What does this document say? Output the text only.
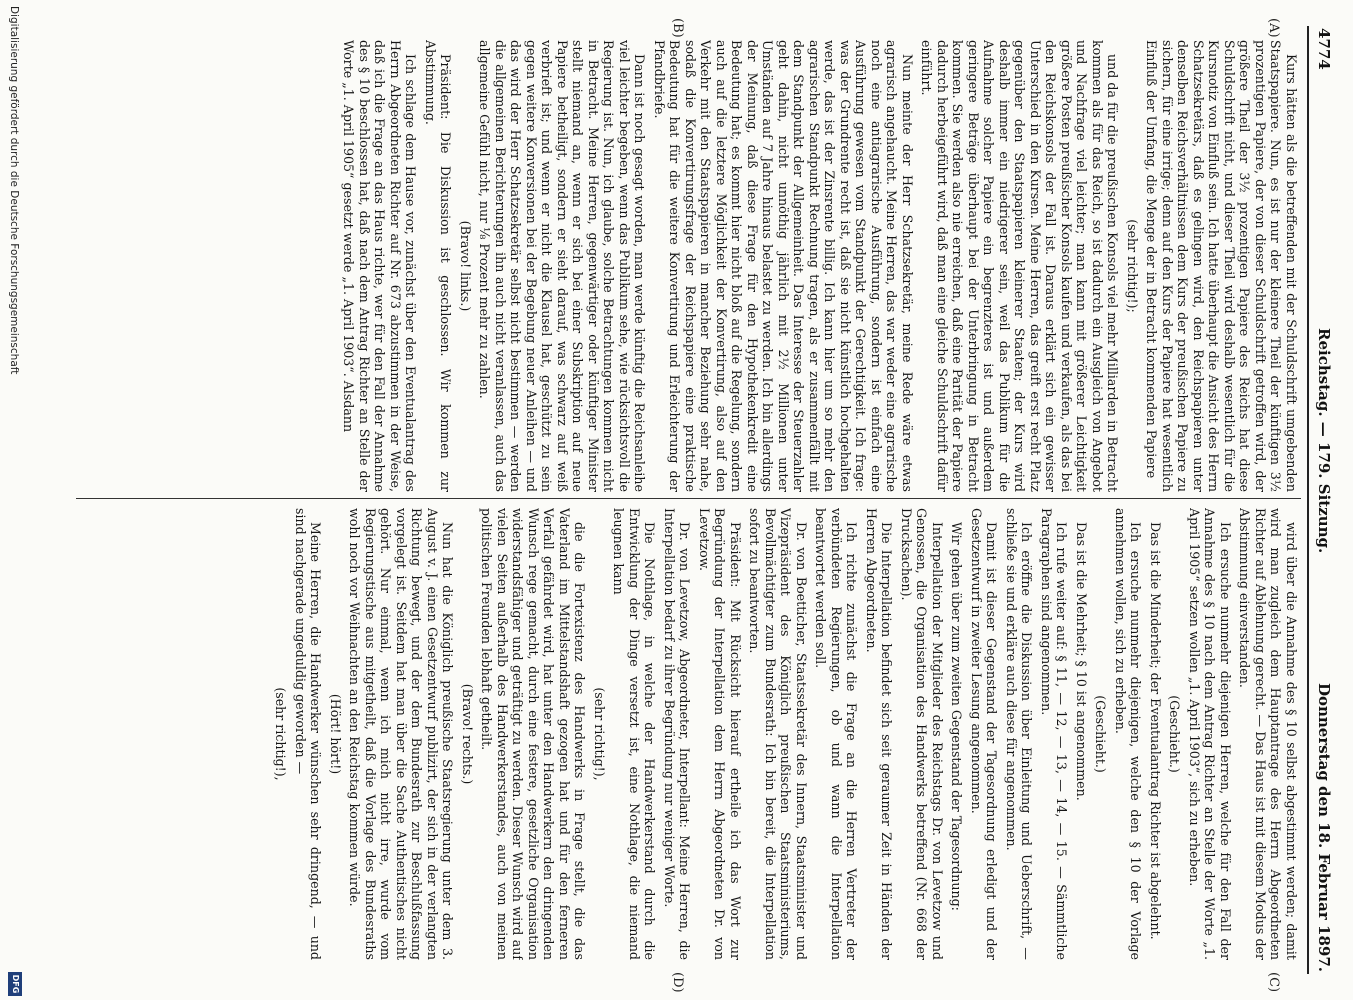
4774
Reichstag. — 179. Sitzung.
Donnerstag den 18. Februar 1897.
(A)
(B)
(C)
(D)

Kurs hätten als die betreffenden mit der Schuldschrift umgebenden Staatspapiere. Nun, es ist nur der kleinere Theil der künftigen 3½ prozentigen Papiere, der von dieser Schuldschrift getroffen wird, der größere Theil der 3½ prozentigen Papiere des Reichs hat diese Schuldschrift nicht, und dieser Theil wird deshalb wesentlich für die Kursnotiz von Einfluß sein. Ich hatte überhaupt die Ansicht des Herrn Schatzsekretärs, daß es gelingen wird, den Reichspapieren unter denselben Reichsverhältnissen dem Kurs der preußischen Papiere zu sichern, für eine irrige; denn auf den Kurs der Papiere hat wesentlich Einfluß der Umfang, die Menge der in Betracht kommenden Papiere

(sehr richtig!);

und da für die preußischen Konsols viel mehr Milliarden in Betracht kommen als für das Reich, so ist dadurch ein Ausgleich von Angebot und Nachfrage viel leichter; man kann mit größerer Leichtigkeit größere Posten preußischer Konsols kaufen und verkaufen, als das bei den Reichskonsols der Fall ist. Daraus erklärt sich ein gewisser Unterschied in den Kursen. Meine Herren, das greift erst recht Platz gegenüber den Staatspapieren kleinerer Staaten; der Kurs wird deshalb immer ein niedrigerer sein, weil das Publikum für die Aufnahme solcher Papiere ein begrenzteres ist und außerdem geringere Beträge überhaupt bei der Unterbringung in Betracht kommen. Sie werden also nie erreichen, daß eine Parität der Papiere dadurch herbeigeführt wird, daß man eine gleiche Schuldschrift dafür einführt.

Nun meinte der Herr Schatzsekretär, meine Rede wäre etwas agrarisch angehaucht. Meine Herren, das war weder eine agrarische noch eine antiagrarische Ausführung, sondern ist einfach eine Ausführung gewesen vom Standpunkt der Gerechtigkeit. Ich frage: was der Grundrente recht ist, daß sie nicht künstlich hochgehalten werde, das ist der Zinsrente billig. Ich kann hier um so mehr den agrarischen Standpunkt Rechnung tragen, als er zusammenfällt mit dem Standpunkt der Allgemeinheit. Das Interesse der Steuerzahler geht dahin, nicht unnöthig jährlich mit 2½ Millionen unter Umständen auf 7 Jahre hinaus belastet zu werden. Ich bin allerdings der Meinung, daß diese Frage für den Hypothekenkredit eine Bedeutung hat; es kommt hier nicht bloß auf die Regelung, sondern auch auf die letztere Möglichkeit der Konvertirung, also auf den Verkehr mit den Staatspapieren in mancher Beziehung sehr nahe, sodaß die Konvertirungsfrage der Reichspapiere eine praktische Bedeutung hat für die weitere Konvertirung und Erleichterung der Pfandbriefe.

Dann ist noch gesagt worden, man werde künftig die Reichsanleihe viel leichter begeben, wenn das Publikum sehe, wie rücksichtsvoll die Regierung ist. Nun, ich glaube, solche Betrachtungen kommen nicht in Betracht. Meine Herren, gegenwärtiger oder künftiger Minister stellt niemand an, wenn er sich bei einer Subskription auf neue Papiere betheiligt, sondern er sieht darauf, was schwarz auf weiß verbrieft ist; und wenn er nicht die Klausel hat, geschützt zu sein gegen weitere Konversionen bei der Begebung neuer Anleihen — und das wird der Herr Schatzsekretär selbst nicht bestimmen — werden die allgemeinen Berichterungen ihn auch nicht veranlassen, auch das allgemeine Gefühl nicht, nur ⅛ Prozent mehr zu zahlen.

(Bravo! links.)

Präsident: Die Diskussion ist geschlossen. Wir kommen zur Abstimmung.

Ich schlage dem Hause vor, zunächst über den Eventualantrag des Herrn Abgeordneten Richter auf Nr. 673 abzustimmen in der Weise, daß ich die Frage an das Haus richte, wer für den Fall der Annahme des § 10 beschlossen hat, daß nach dem Antrag Richter an Stelle der Worte „1. April 1905“ gesetzt werde „1. April 1903“. Alsdann

wird über die Annahme des § 10 selbst abgestimmt werden; damit wird man zugleich dem Hauptantrage des Herrn Abgeordneten Richter auf Ablehnung gerecht. — Das Haus ist mit diesem Modus der Abstimmung einverstanden.

Ich ersuche nunmehr diejenigen Herren, welche für den Fall der Annahme des § 10 nach dem Antrag Richter an Stelle der Worte „1. April 1905“ setzen wollen „1. April 1903“, sich zu erheben.

(Geschieht.)

Das ist die Minderheit; der Eventualantrag Richter ist abgelehnt.

Ich ersuche nunmehr diejenigen, welche den § 10 der Vorlage annehmen wollen, sich zu erheben.

(Geschieht.)

Das ist die Mehrheit; § 10 ist angenommen.

Ich rufe weiter auf: § 11, — 12, — 13, — 14, — 15. — Sämmtliche Paragraphen sind angenommen.

Ich eröffne die Diskussion über Einleitung und Ueberschrift, — schließe sie und erkläre auch diese für angenommen.

Damit ist dieser Gegenstand der Tagesordnung erledigt und der Gesetzentwurf in zweiter Lesung angenommen.

Wir gehen über zum zweiten Gegenstand der Tagesordnung:

Interpellation der Mitglieder des Reichstags Dr. von Levetzow und Genossen, die Organisation des Handwerks betreffend (Nr. 668 der Drucksachen).

Die Interpellation befindet sich seit geraumer Zeit in Händen der Herren Abgeordneten.

Ich richte zunächst die Frage an die Herren Vertreter der verbündeten Regierungen, ob und wann die Interpellation beantwortet werden soll.

Dr. von Boetticher, Staatssekretär des Innern, Staatsminister und Vizepräsident des Königlich preußischen Staatsministeriums, Bevollmächtigter zum Bundesrath: Ich bin bereit, die Interpellation sofort zu beantworten.

Präsident: Mit Rücksicht hierauf ertheile ich das Wort zur Begründung der Interpellation dem Herrn Abgeordneten Dr. von Levetzow.

Dr. von Levetzow, Abgeordneter, Interpellant: Meine Herren, die Interpellation bedarf zu ihrer Begründung nur weniger Worte.

Die Nothlage, in welche der Handwerkerstand durch die Entwicklung der Dinge versetzt ist, eine Nothlage, die niemand leugnen kann

(sehr richtig!),

die die Fortexistenz des Handwerks in Frage stellt, die das Vaterland im Mittelstandshaft gezogen hat und für den ferneren Verfall gefährdet wird, hat unter den Handwerkern den dringenden Wunsch rege gemacht, durch eine festere, gesetzliche Organisation widerstandsfähiger und geträftigt zu werden. Dieser Wunsch wird auf vielen Seiten außerhalb des Handwerkerstandes, auch von meinen politischen Freunden lebhaft getheilt.

(Bravo! rechts.)

Nun hat die Königlich preußische Staatsregierung unter dem 3. August v. J. einen Gesetzentwurf publizirt, der sich in der verlangten Richtung bewegt, und der dem Bundesrath zur Beschlußfassung vorgelegt ist. Seitdem hat man über die Sache Authentisches nicht gehört. Nur einmal, wenn ich mich nicht irre, wurde vom Regierungstische aus mitgetheilt, daß die Vorlage des Bundesraths wohl noch vor Weihnachten an den Reichstag kommen würde.

(Hört! hört!)

Meine Herren, die Handwerker wünschen sehr dringend, — und sind nachgerade ungeduldig geworden —

(sehr richtig!),

Digitalisierung gefördert durch die Deutsche Forschungsgemeinschaft
DFG
